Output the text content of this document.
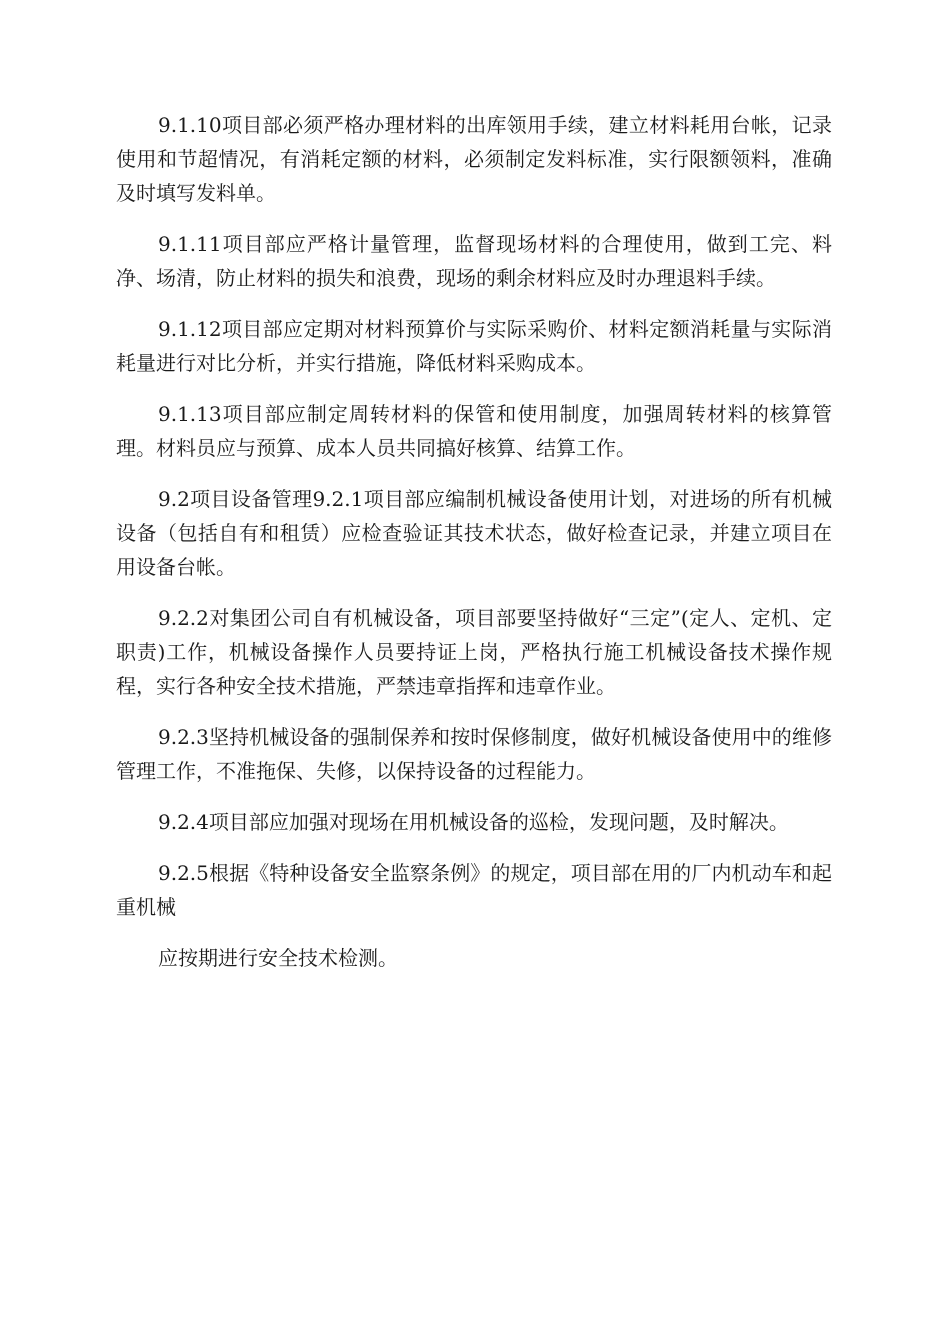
9.1.10项目部必须严格办理材料的出库领用手续，建立材料耗用台帐，记录使用和节超情况，有消耗定额的材料，必须制定发料标准，实行限额领料，准确及时填写发料单。

9.1.11项目部应严格计量管理，监督现场材料的合理使用，做到工完、料净、场清，防止材料的损失和浪费，现场的剩余材料应及时办理退料手续。

9.1.12项目部应定期对材料预算价与实际采购价、材料定额消耗量与实际消耗量进行对比分析，并实行措施，降低材料采购成本。

9.1.13项目部应制定周转材料的保管和使用制度，加强周转材料的核算管理。材料员应与预算、成本人员共同搞好核算、结算工作。

9.2项目设备管理9.2.1项目部应编制机械设备使用计划，对进场的所有机械设备（包括自有和租赁）应检查验证其技术状态，做好检查记录，并建立项目在用设备台帐。

9.2.2对集团公司自有机械设备，项目部要坚持做好“三定”(定人、定机、定职责)工作，机械设备操作人员要持证上岗，严格执行施工机械设备技术操作规程，实行各种安全技术措施，严禁违章指挥和违章作业。

9.2.3坚持机械设备的强制保养和按时保修制度，做好机械设备使用中的维修管理工作，不准拖保、失修，以保持设备的过程能力。

9.2.4项目部应加强对现场在用机械设备的巡检，发现问题，及时解决。

9.2.5根据《特种设备安全监察条例》的规定，项目部在用的厂内机动车和起重机械

应按期进行安全技术检测。
